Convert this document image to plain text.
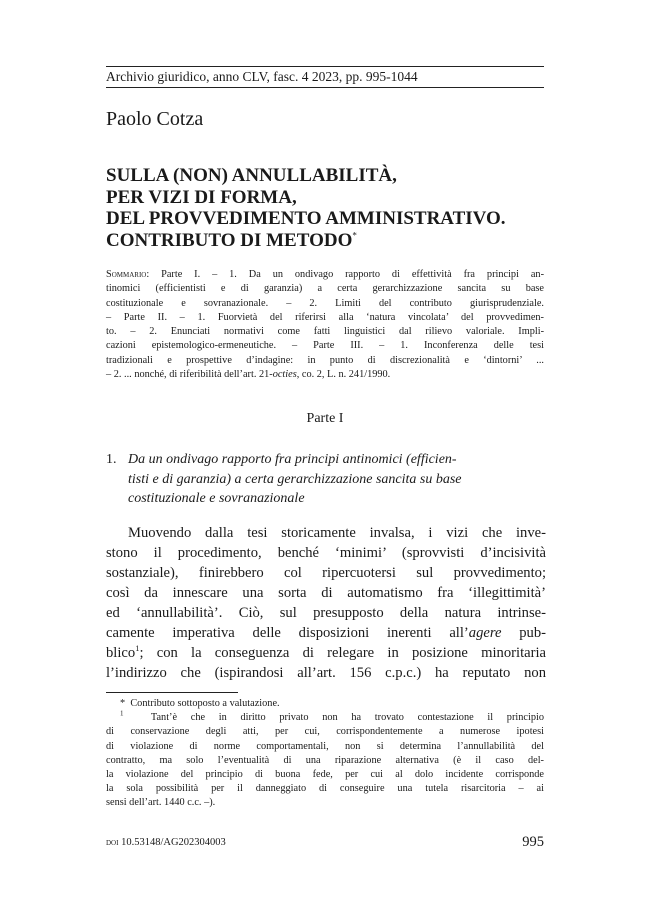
Archivio giuridico, anno CLV, fasc. 4 2023, pp. 995-1044
Paolo Cotza
SULLA (NON) ANNULLABILITÀ,
PER VIZI DI FORMA,
DEL PROVVEDIMENTO AMMINISTRATIVO.
CONTRIBUTO DI METODO*
Sommario: Parte I. – 1. Da un ondivago rapporto di effettività fra principi an-
tinomici (efficientisti e di garanzia) a certa gerarchizzazione sancita su base
costituzionale e sovranazionale. – 2. Limiti del contributo giurisprudenziale.
– Parte II. – 1. Fuorvietà del riferirsi alla ‘natura vincolata’ del provvedimen-
to. – 2. Enunciati normativi come fatti linguistici dal rilievo valoriale. Impli-
cazioni epistemologico-ermeneutiche. – Parte III. – 1. Inconferenza delle tesi
tradizionali e prospettive d’indagine: in punto di discrezionalità e ‘dintorni’ ...
– 2. ... nonché, di riferibilità dell’art. 21-octies, co. 2, L. n. 241/1990.
Parte I
1. Da un ondivago rapporto fra principi antinomici (efficien-
tisti e di garanzia) a certa gerarchizzazione sancita su base
costituzionale e sovranazionale
Muovendo dalla tesi storicamente invalsa, i vizi che inve-
stono il procedimento, benché ‘minimi’ (sprovvisti d’incisività
sostanziale), finirebbero col ripercuotersi sul provvedimento;
così da innescare una sorta di automatismo fra ‘illegittimità’
ed ‘annullabilità’. Ciò, sul presupposto della natura intrinse-
camente imperativa delle disposizioni inerenti all’agere pub-
blico$^1$; con la conseguenza di relegare in posizione minoritaria
l’indirizzo che (ispirandosi all’art. 156 c.p.c.) ha reputato non
* Contributo sottoposto a valutazione.
$^1$	Tant’è che in diritto privato non ha trovato contestazione il principio
di conservazione degli atti, per cui, corrispondentemente a numerose ipotesi
di violazione di norme comportamentali, non si determina l’annullabilità del
contratto, ma solo l’eventualità di una riparazione alternativa (è il caso del-
la violazione del principio di buona fede, per cui al dolo incidente corrisponde
la sola possibilità per il danneggiato di conseguire una tutela risarcitoria – ai
sensi dell’art. 1440 c.c. –).
doi 10.53148/AG202304003	995
